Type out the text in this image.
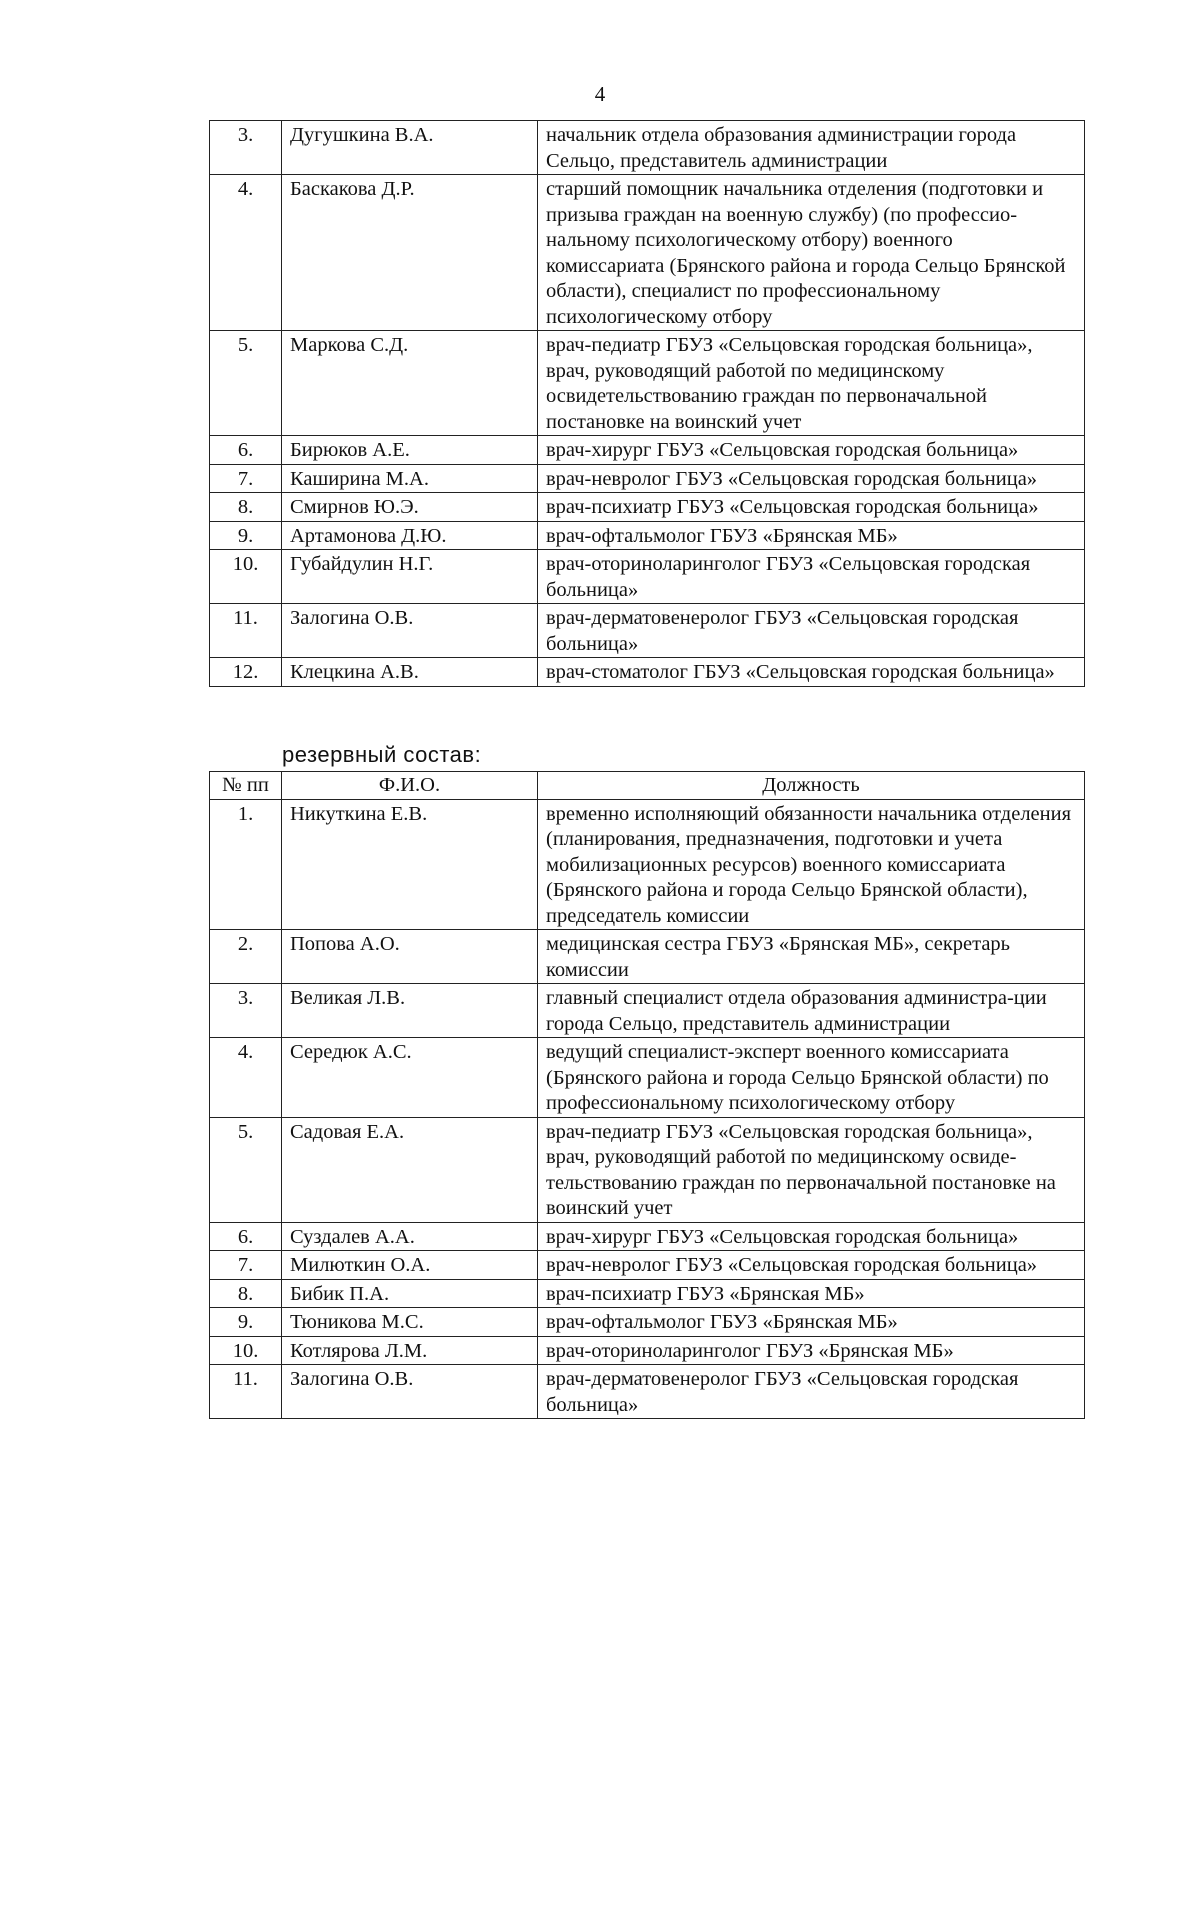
4
3.	Дугушкина В.А.	начальник отдела образования администрации города Сельцо, представитель администрации
4.	Баскакова Д.Р.	старший помощник начальника отделения (подготовки и призыва граждан на военную службу) (по профессио-нальному психологическому отбору) военного комиссариата (Брянского района и города Сельцо Брянской области), специалист по профессиональному психологическому отбору
5.	Маркова С.Д.	врач-педиатр ГБУЗ «Сельцовская городская больница», врач, руководящий работой по медицинскому освидетельствованию граждан по первоначальной постановке на воинский учет
6.	Бирюков А.Е.	врач-хирург ГБУЗ «Сельцовская городская больница»
7.	Каширина М.А.	врач-невролог ГБУЗ «Сельцовская городская больница»
8.	Смирнов Ю.Э.	врач-психиатр ГБУЗ «Сельцовская городская больница»
9.	Артамонова Д.Ю.	врач-офтальмолог ГБУЗ «Брянская МБ»
10.	Губайдулин Н.Г.	врач-оториноларинголог ГБУЗ «Сельцовская городская больница»
11.	Залогина О.В.	врач-дерматовенеролог ГБУЗ «Сельцовская городская больница»
12.	Клецкина А.В.	врач-стоматолог ГБУЗ «Сельцовская городская больница»
резервный состав:
№ пп	Ф.И.О.	Должность
1.	Никуткина Е.В.	временно исполняющий обязанности начальника отделения (планирования, предназначения, подготовки и учета мобилизационных ресурсов) военного комиссариата (Брянского района и города Сельцо Брянской области), председатель комиссии
2.	Попова А.О.	медицинская сестра ГБУЗ «Брянская МБ», секретарь комиссии
3.	Великая Л.В.	главный специалист отдела образования администра-ции города Сельцо, представитель администрации
4.	Середюк А.С.	ведущий специалист-эксперт военного комиссариата (Брянского района и города Сельцо Брянской области) по профессиональному психологическому отбору
5.	Садовая Е.А.	врач-педиатр ГБУЗ «Сельцовская городская больница», врач, руководящий работой по медицинскому освиде-тельствованию граждан по первоначальной постановке на воинский учет
6.	Суздалев А.А.	врач-хирург ГБУЗ «Сельцовская городская больница»
7.	Милюткин О.А.	врач-невролог ГБУЗ «Сельцовская городская больница»
8.	Бибик П.А.	врач-психиатр ГБУЗ «Брянская МБ»
9.	Тюникова М.С.	врач-офтальмолог ГБУЗ «Брянская МБ»
10.	Котлярова Л.М.	врач-оториноларинголог ГБУЗ «Брянская МБ»
11.	Залогина О.В.	врач-дерматовенеролог ГБУЗ «Сельцовская городская больница»
